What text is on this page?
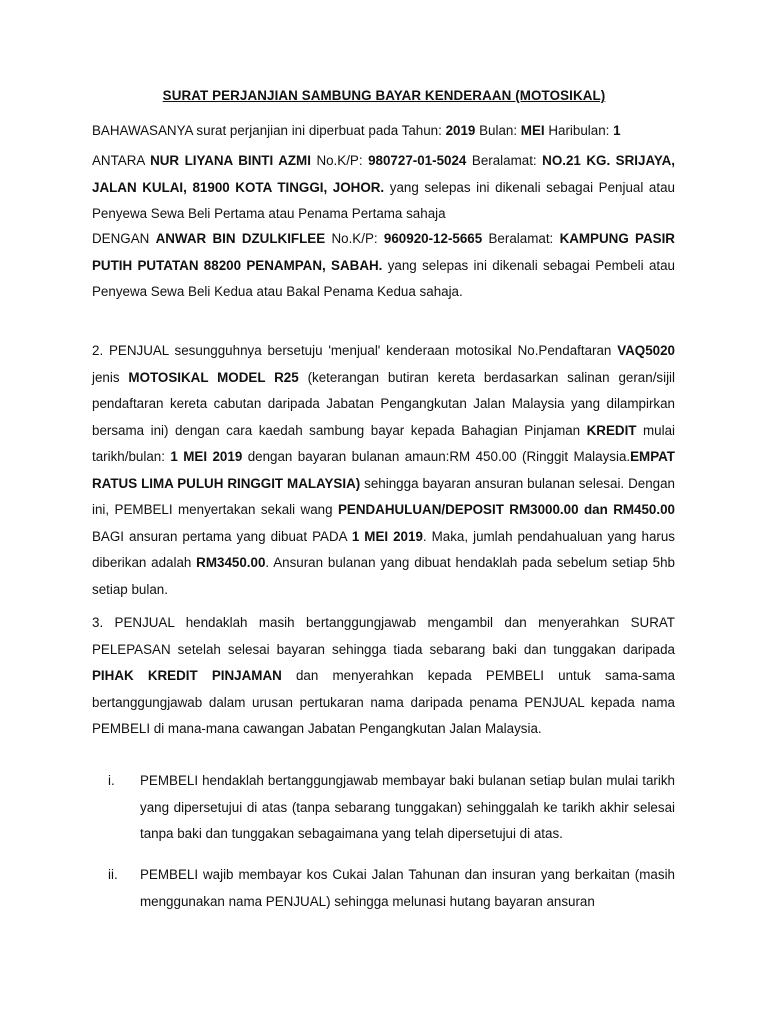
SURAT PERJANJIAN SAMBUNG BAYAR KENDERAAN (MOTOSIKAL)
BAHAWASANYA surat perjanjian ini diperbuat pada Tahun: 2019 Bulan: MEI Haribulan: 1
ANTARA NUR LIYANA BINTI AZMI No.K/P: 980727-01-5024 Beralamat: NO.21 KG. SRIJAYA, JALAN KULAI, 81900 KOTA TINGGI, JOHOR. yang selepas ini dikenali sebagai Penjual atau Penyewa Sewa Beli Pertama atau Penama Pertama sahaja
DENGAN ANWAR BIN DZULKIFLEE No.K/P: 960920-12-5665 Beralamat: KAMPUNG PASIR PUTIH PUTATAN 88200 PENAMPAN, SABAH. yang selepas ini dikenali sebagai Pembeli atau Penyewa Sewa Beli Kedua atau Bakal Penama Kedua sahaja.
2. PENJUAL sesungguhnya bersetuju 'menjual' kenderaan motosikal No.Pendaftaran VAQ5020 jenis MOTOSIKAL MODEL R25 (keterangan butiran kereta berdasarkan salinan geran/sijil pendaftaran kereta cabutan daripada Jabatan Pengangkutan Jalan Malaysia yang dilampirkan bersama ini) dengan cara kaedah sambung bayar kepada Bahagian Pinjaman KREDIT mulai tarikh/bulan: 1 MEI 2019 dengan bayaran bulanan amaun:RM 450.00 (Ringgit Malaysia.EMPAT RATUS LIMA PULUH RINGGIT MALAYSIA) sehingga bayaran ansuran bulanan selesai. Dengan ini, PEMBELI menyertakan sekali wang PENDAHULUAN/DEPOSIT RM3000.00 dan RM450.00 BAGI ansuran pertama yang dibuat PADA 1 MEI 2019. Maka, jumlah pendahualuan yang harus diberikan adalah RM3450.00. Ansuran bulanan yang dibuat hendaklah pada sebelum setiap 5hb setiap bulan.
3. PENJUAL hendaklah masih bertanggungjawab mengambil dan menyerahkan SURAT PELEPASAN setelah selesai bayaran sehingga tiada sebarang baki dan tunggakan daripada PIHAK KREDIT PINJAMAN dan menyerahkan kepada PEMBELI untuk sama-sama bertanggungjawab dalam urusan pertukaran nama daripada penama PENJUAL kepada nama PEMBELI di mana-mana cawangan Jabatan Pengangkutan Jalan Malaysia.
i.	PEMBELI hendaklah bertanggungjawab membayar baki bulanan setiap bulan mulai tarikh yang dipersetujui di atas (tanpa sebarang tunggakan) sehinggalah ke tarikh akhir selesai tanpa baki dan tunggakan sebagaimana yang telah dipersetujui di atas.
ii.	PEMBELI wajib membayar kos Cukai Jalan Tahunan dan insuran yang berkaitan (masih menggunakan nama PENJUAL) sehingga melunasi hutang bayaran ansuran
